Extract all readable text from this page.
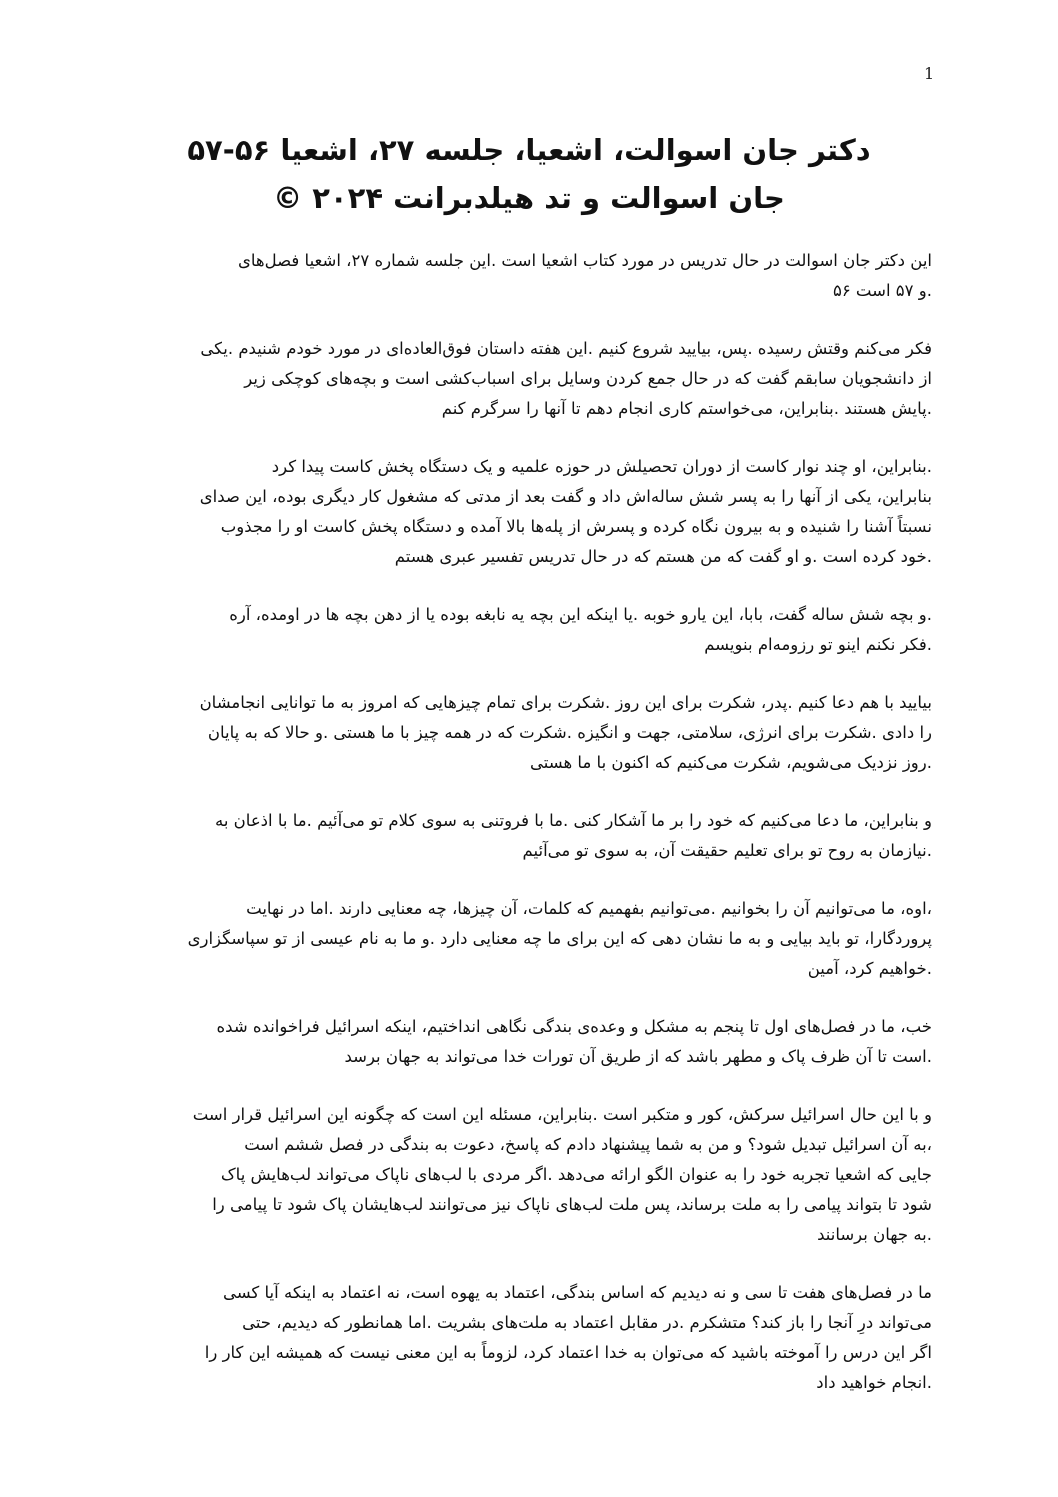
1
دکتر جان اسوالت، اشعیا، جلسه ۲۷، اشعیا ۵۶-۵۷
جان اسوالت و تد هیلدبرانت ۲۰۲۴ ©
این دکتر جان اسوالت در حال تدریس در مورد کتاب اشعیا است .این جلسه شماره ۲۷، اشعیا فصل‌های
.و ۵۷ است ۵۶
فکر می‌کنم وقتش رسیده .پس، بیایید شروع کنیم .این هفته داستان فوق‌العاده‌ای در مورد خودم شنیدم .یکی
از دانشجویان سابقم گفت که در حال جمع کردن وسایل برای اسباب‌کشی است و بچه‌های کوچکی زیر
.پایش هستند .بنابراین، می‌خواستم کاری انجام دهم تا آنها را سرگرم کنم
.بنابراین، او چند نوار کاست از دوران تحصیلش در حوزه علمیه و یک دستگاه پخش کاست پیدا کرد
بنابراین، یکی از آنها را به پسر شش ساله‌اش داد و گفت بعد از مدتی که مشغول کار دیگری بوده، این صدای
نسبتاً آشنا را شنیده و به بیرون نگاه کرده و پسرش از پله‌ها بالا آمده و دستگاه پخش کاست او را مجذوب
.خود کرده است .و او گفت که من هستم که در حال تدریس تفسیر عبری هستم
.و بچه شش ساله گفت، بابا، این یارو خوبه .یا اینکه این بچه یه نابغه بوده یا از دهن بچه ها در اومده، آره
.فکر نکنم اینو تو رزومه‌ام بنویسم
بیایید با هم دعا کنیم .پدر، شکرت برای این روز .شکرت برای تمام چیزهایی که امروز به ما توانایی انجامشان
را دادی .شکرت برای انرژی، سلامتی، جهت و انگیزه .شکرت که در همه چیز با ما هستی .و حالا که به پایان
.روز نزدیک می‌شویم، شکرت می‌کنیم که اکنون با ما هستی
و بنابراین، ما دعا می‌کنیم که خود را بر ما آشکار کنی .ما با فروتنی به سوی کلام تو می‌آئیم .ما با اذعان به
.نیازمان به روح تو برای تعلیم حقیقت آن، به سوی تو می‌آئیم
،اوه، ما می‌توانیم آن را بخوانیم .می‌توانیم بفهمیم که کلمات، آن چیزها، چه معنایی دارند .اما در نهایت
پروردگارا، تو باید بیایی و به ما نشان دهی که این برای ما چه معنایی دارد .و ما به نام عیسی از تو سپاسگزاری
.خواهیم کرد، آمین
خب، ما در فصل‌های اول تا پنجم به مشکل و وعده‌ی بندگی نگاهی انداختیم، اینکه اسرائیل فراخوانده شده
.است تا آن ظرف پاک و مطهر باشد که از طریق آن تورات خدا می‌تواند به جهان برسد
و با این حال اسرائیل سرکش، کور و متکبر است .بنابراین، مسئله این است که چگونه این اسرائیل قرار است
،به آن اسرائیل تبدیل شود؟ و من به شما پیشنهاد دادم که پاسخ، دعوت به بندگی در فصل ششم است
جایی که اشعیا تجربه خود را به عنوان الگو ارائه می‌دهد .اگر مردی با لب‌های ناپاک می‌تواند لب‌هایش پاک
شود تا بتواند پیامی را به ملت برساند، پس ملت لب‌های ناپاک نیز می‌توانند لب‌هایشان پاک شود تا پیامی را
.به جهان برسانند
ما در فصل‌های هفت تا سی و نه دیدیم که اساس بندگی، اعتماد به یهوه است، نه اعتماد به اینکه آیا کسی
می‌تواند درِ آنجا را باز کند؟ متشکرم .در مقابل اعتماد به ملت‌های بشریت .اما همانطور که دیدیم، حتی
اگر این درس را آموخته باشید که می‌توان به خدا اعتماد کرد، لزوماً به این معنی نیست که همیشه این کار را
.انجام خواهید داد
